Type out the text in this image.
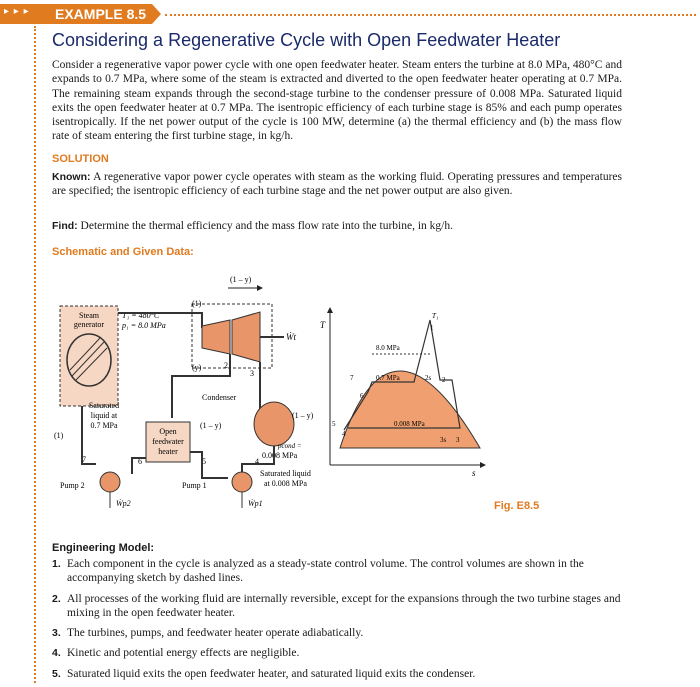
▸ ▸ ▸ EXAMPLE 8.5
Considering a Regenerative Cycle with Open Feedwater Heater

Consider a regenerative vapor power cycle with one open feedwater heater. Steam enters the turbine at 8.0 MPa, 480°C and expands to 0.7 MPa, where some of the steam is extracted and diverted to the open feedwater heater operating at 0.7 MPa. The remaining steam expands through the second-stage turbine to the condenser pressure of 0.008 MPa. Saturated liquid exits the open feedwater heater at 0.7 MPa. The isentropic efficiency of each turbine stage is 85% and each pump operates isentropically. If the net power output of the cycle is 100 MW, determine (a) the thermal efficiency and (b) the mass flow rate of steam entering the first turbine stage, in kg/h.

SOLUTION

Known: A regenerative vapor power cycle operates with steam as the working fluid. Operating pressures and temperatures are specified; the isentropic efficiency of each turbine stage and the net power output are also given.

Find: Determine the thermal efficiency and the mass flow rate into the turbine, in kg/h.

Schematic and Given Data:

Steam
generator
T₁ = 480°C
p₁ = 8.0 MPa
(1)
(1 – y)
Ẇt
(y)	2
3
Condenser
(1 – y)
(1 – y)
Open
feedwater
heater
Saturated
liquid at
0.7 MPa
(1)
7	6	5	4
pcond =
0.008 MPa
Saturated liquid
at 0.008 MPa
Pump 2
Ẇp2
Pump 1
Ẇp1
T
s
8.0 MPa
0.7 MPa
0.008 MPa
T₁
2s
3s
1
2
3
4
5
6
7
Fig. E8.5
Engineering Model:
1. Each component in the cycle is analyzed as a steady-state control volume. The control volumes are shown in the accompanying sketch by dashed lines.
2. All processes of the working fluid are internally reversible, except for the expansions through the two turbine stages and mixing in the open feedwater heater.
3. The turbines, pumps, and feedwater heater operate adiabatically.
4. Kinetic and potential energy effects are negligible.
5. Saturated liquid exits the open feedwater heater, and saturated liquid exits the condenser.
